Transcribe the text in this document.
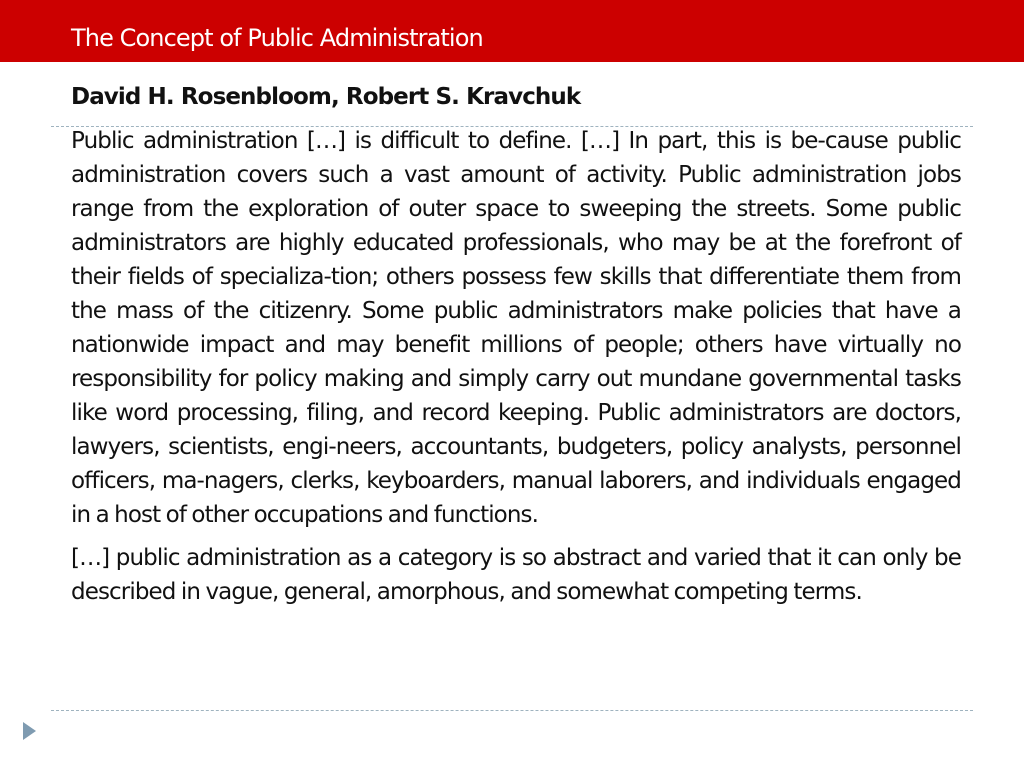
The Concept of Public Administration
David H. Rosenbloom, Robert S. Kravchuk

Public administration […] is difficult to define. […] In part, this is be-cause public administration covers such a vast amount of activity. Public administration jobs range from the exploration of outer space to sweeping the streets. Some public administrators are highly educated professionals, who may be at the forefront of their fields of specializa-tion; others possess few skills that differentiate them from the mass of the citizenry. Some public administrators make policies that have a nationwide impact and may benefit millions of people; others have virtually no responsibility for policy making and simply carry out mundane governmental tasks like word processing, filing, and record keeping. Public administrators are doctors, lawyers, scientists, engi-neers, accountants, budgeters, policy analysts, personnel officers, ma-nagers, clerks, keyboarders, manual laborers, and individuals engaged in a host of other occupations and functions.

[…] public administration as a category is so abstract and varied that it can only be described in vague, general, amorphous, and somewhat competing terms.
